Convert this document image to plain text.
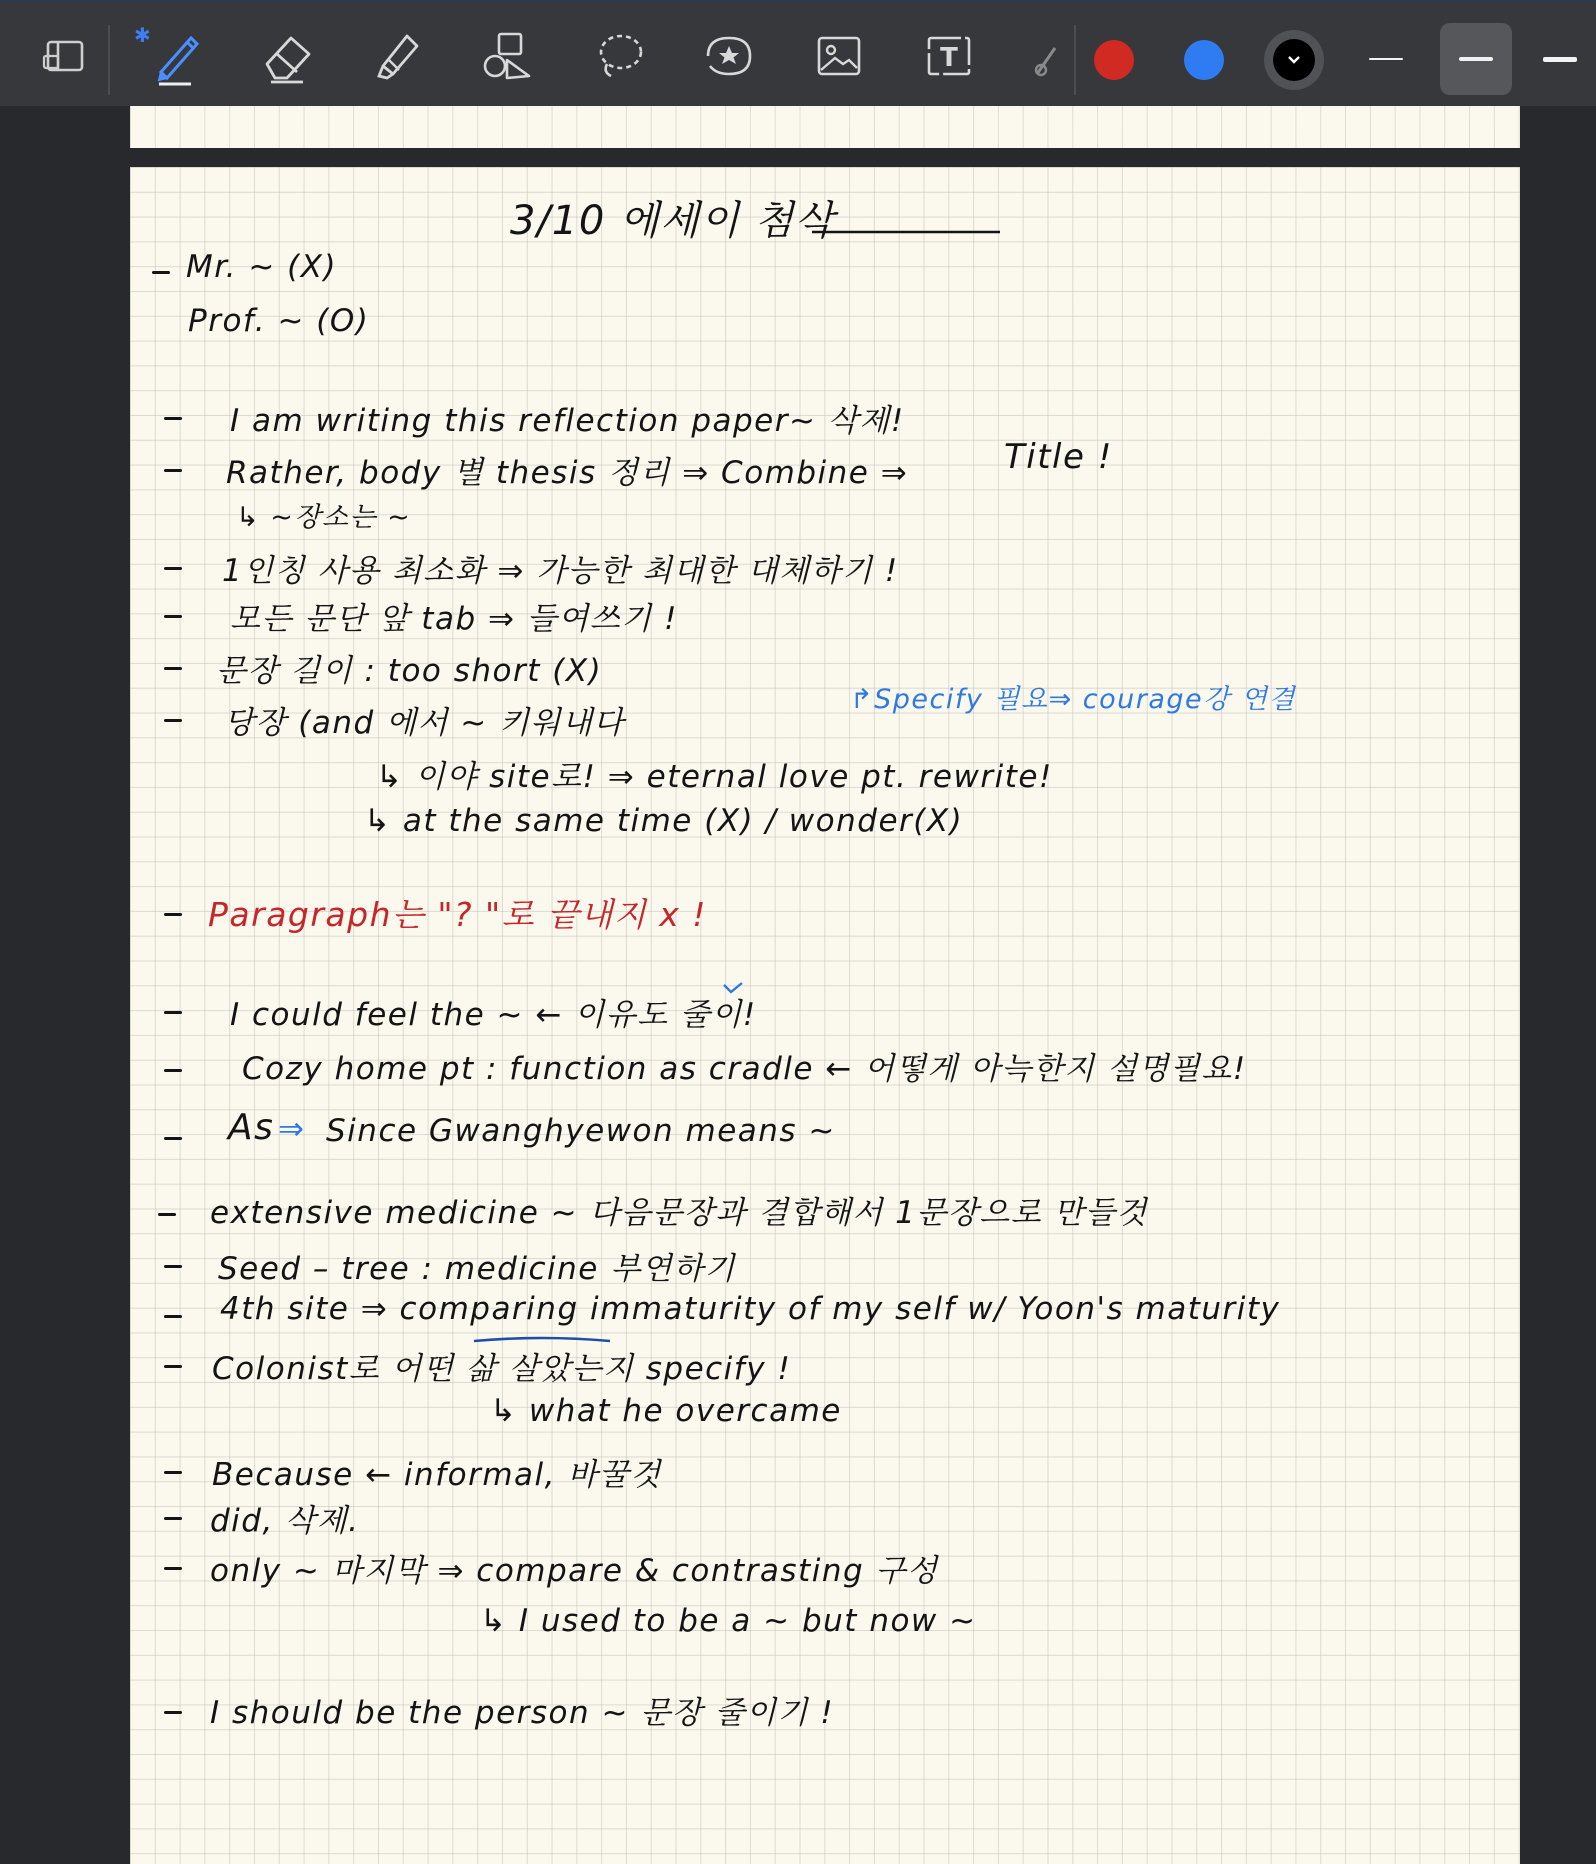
✱
T
3/10 에세이 첨삭
Mr. ~ (X)
Prof. ~ (O)
I am writing this reflection paper~ 삭제!
Rather, body 별 thesis 정리 ⇒ Combine ⇒	Title !
↳ ~장소는 ~
1인칭 사용 최소화 ⇒ 가능한 최대한 대체하기 !
모든 문단 앞 tab ⇒ 들여쓰기 !
문장 길이 : too short (X)
당장 (and 에서 ~ 키워내다
↱Specify 필요⇒ courage강 연결
↳ 이야 site로! ⇒ eternal love pt. rewrite!
↳ at the same time (X) / wonder(X)
Paragraph는 "? "로 끝내지 x !
I could feel the ~ ← 이유도 줄이!
Cozy home pt : function as cradle ← 어떻게 아늑한지 설명필요!
As ⇒ Since Gwanghyewon means ~
extensive medicine ~ 다음문장과 결합해서 1문장으로 만들것
Seed – tree : medicine 부연하기
4th site ⇒ comparing immaturity of my self w/ Yoon's maturity
Colonist로 어떤 삶 살았는지 specify !
↳ what he overcame
Because ← informal, 바꿀것
did, 삭제.
only ~ 마지막 ⇒ compare & contrasting 구성
↳ I used to be a ~ but now ~
I should be the person ~ 문장 줄이기 !
